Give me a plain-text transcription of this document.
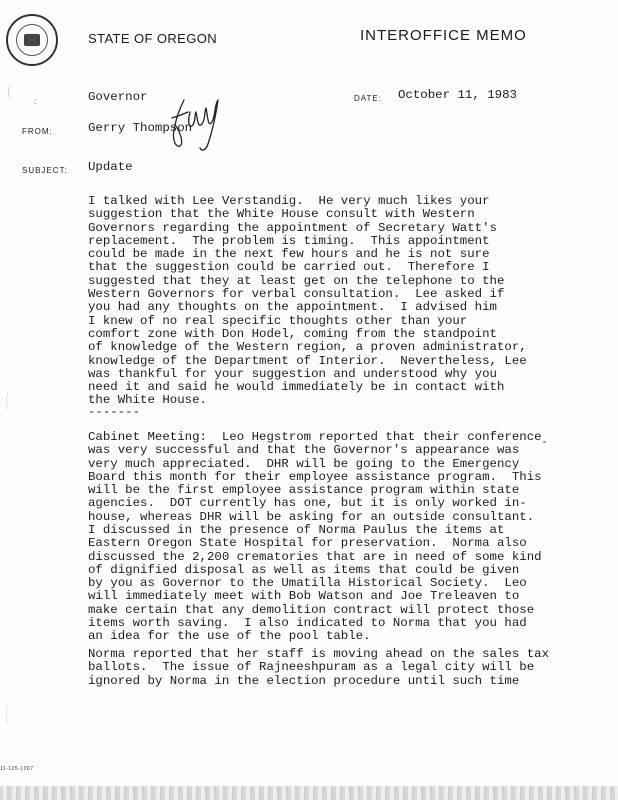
STATE OF OREGON	INTEROFFICE MEMO
:	Governor	DATE: October 11, 1983
FROM:	Gerry Thompson
SUBJECT: Update
I talked with Lee Verstandig.  He very much likes your
suggestion that the White House consult with Western
Governors regarding the appointment of Secretary Watt's
replacement.  The problem is timing.  This appointment
could be made in the next few hours and he is not sure
that the suggestion could be carried out.  Therefore I
suggested that they at least get on the telephone to the
Western Governors for verbal consultation.  Lee asked if
you had any thoughts on the appointment.  I advised him
I knew of no real specific thoughts other than your
comfort zone with Don Hodel, coming from the standpoint
of knowledge of the Western region, a proven administrator,
knowledge of the Department of Interior.  Nevertheless, Lee
was thankful for your suggestion and understood why you
need it and said he would immediately be in contact with
the White House.
-------
Cabinet Meeting:  Leo Hegstrom reported that their conference
was very successful and that the Governor's appearance was
very much appreciated.  DHR will be going to the Emergency
Board this month for their employee assistance program.  This
will be the first employee assistance program within state
agencies.  DOT currently has one, but it is only worked in-
house, whereas DHR will be asking for an outside consultant.
I discussed in the presence of Norma Paulus the items at
Eastern Oregon State Hospital for preservation.  Norma also
discussed the 2,200 crematories that are in need of some kind
of dignified disposal as well as items that could be given
by you as Governor to the Umatilla Historical Society.  Leo
will immediately meet with Bob Watson and Joe Treleaven to
make certain that any demolition contract will protect those
items worth saving.  I also indicated to Norma that you had
an idea for the use of the pool table.
Norma reported that her staff is moving ahead on the sales tax
ballots.  The issue of Rajneeshpuram as a legal city will be
ignored by Norma in the election procedure until such time
11-125-1367
